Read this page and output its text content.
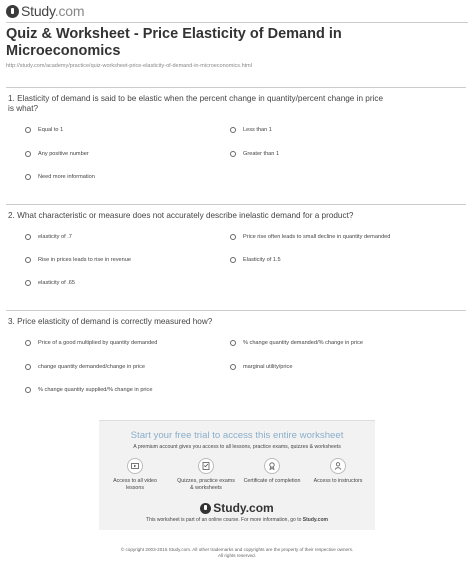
Study.com
Quiz & Worksheet - Price Elasticity of Demand in Microeconomics
http://study.com/academy/practice/quiz-worksheet-price-elasticity-of-demand-in-microeconomics.html
1. Elasticity of demand is said to be elastic when the percent change in quantity/percent change in price is what?
Equal to 1	Less than 1
Any positive number	Greater than 1
Need more information
2. What characteristic or measure does not accurately describe inelastic demand for a product?
elasticity of .7	Price rise often leads to small decline in quantity demanded
Rise in prices leads to rise in revenue	Elasticity of 1.5
elasticity of .65
3. Price elasticity of demand is correctly measured how?
Price of a good multiplied by quantity demanded	% change quantity demanded/% change in price
change quantity demanded/change in price	marginal utility/price
% change quantity supplied/% change in price
Start your free trial to access this entire worksheet
A premium account gives you access to all lessons, practice exams, quizzes & worksheets
Access to all video lessons
Quizzes, practice exams & worksheets
Certificate of completion	Access to instructors
Study.com
This worksheet is part of an online course. For more information, go to Study.com
© copyright 2003-2015 Study.com. All other trademarks and copyrights are the property of their respective owners.
All rights reserved.
